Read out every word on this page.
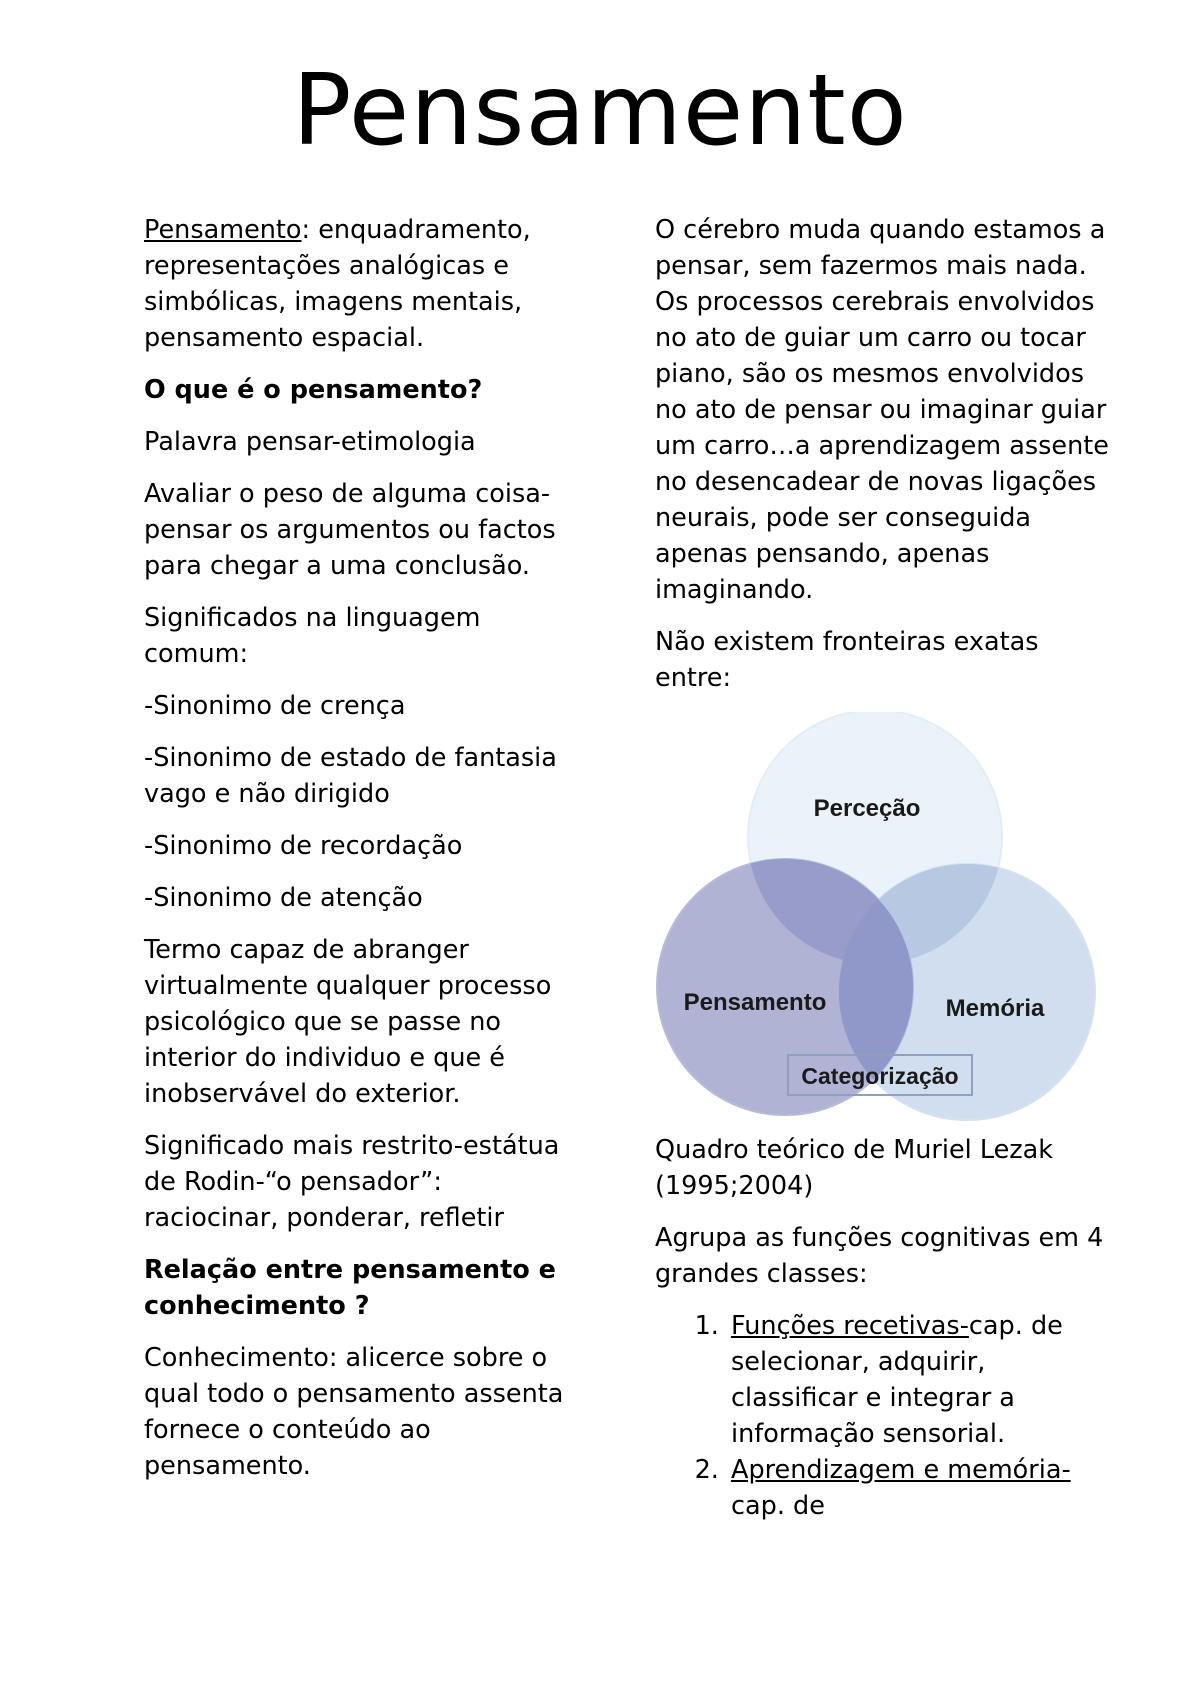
Pensamento

Pensamento: enquadramento, representações analógicas e simbólicas, imagens mentais, pensamento espacial.

O que é o pensamento?

Palavra pensar-etimologia

Avaliar o peso de alguma coisa-pensar os argumentos ou factos para chegar a uma conclusão.

Significados na linguagem comum:

-Sinonimo de crença

-Sinonimo de estado de fantasia vago e não dirigido

-Sinonimo de recordação

-Sinonimo de atenção

Termo capaz de abranger virtualmente qualquer processo psicológico que se passe no interior do individuo e que é inobservável do exterior.

Significado mais restrito-estátua de Rodin-“o pensador”: raciocinar, ponderar, refletir

Relação entre pensamento e conhecimento ?

Conhecimento: alicerce sobre o qual todo o pensamento assenta fornece o conteúdo ao pensamento.

O cérebro muda quando estamos a pensar, sem fazermos mais nada. Os processos cerebrais envolvidos no ato de guiar um carro ou tocar piano, são os mesmos envolvidos no ato de pensar ou imaginar guiar um carro…a aprendizagem assente no desencadear de novas ligações neurais, pode ser conseguida apenas pensando, apenas imaginando.

Não existem fronteiras exatas entre:

Perceção
Pensamento	Memória
Categorização

Quadro teórico de Muriel Lezak (1995;2004)

Agrupa as funções cognitivas em 4 grandes classes:

1. Funções recetivas-cap. de selecionar, adquirir, classificar e integrar a informação sensorial.
2. Aprendizagem e memória-cap. de
